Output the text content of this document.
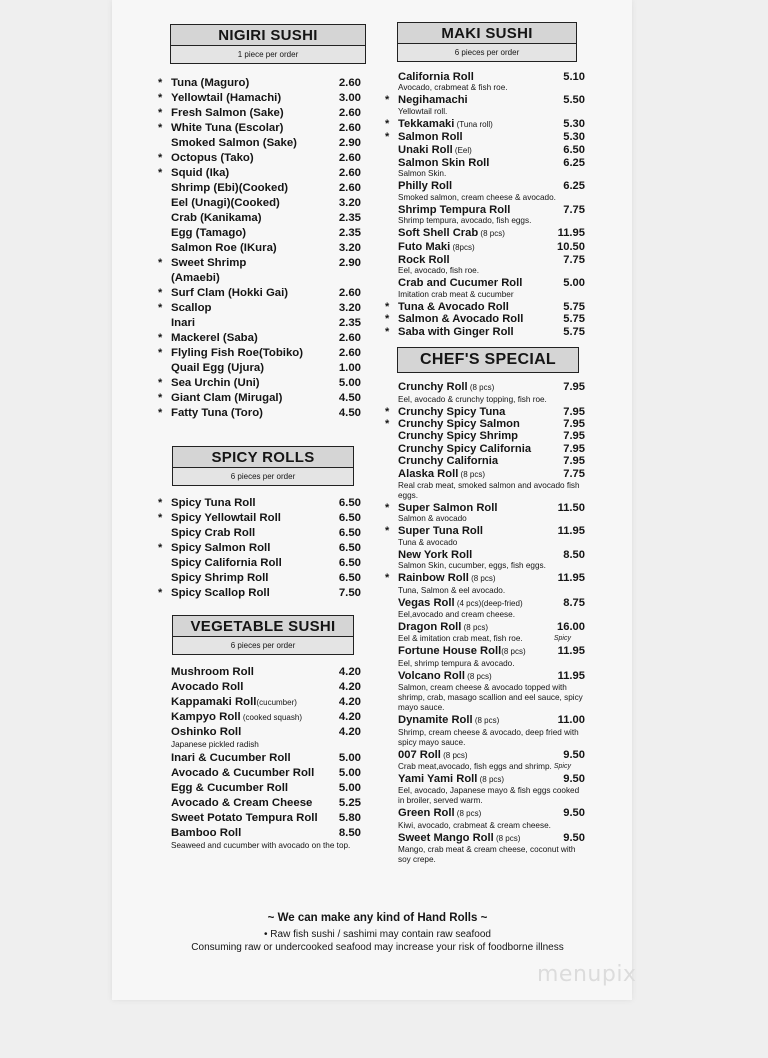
NIGIRI SUSHI
1 piece per order
* Tuna (Maguro)	2.60
* Yellowtail (Hamachi)	3.00
* Fresh Salmon (Sake)	2.60
* White Tuna (Escolar)	2.60
Smoked Salmon (Sake)	2.90
* Octopus (Tako)	2.60
* Squid (Ika)	2.60
Shrimp (Ebi)(Cooked)	2.60
Eel (Unagi)(Cooked)	3.20
Crab (Kanikama)	2.35
Egg (Tamago)	2.35
Salmon Roe (IKura)	3.20
* Sweet Shrimp	2.90
(Amaebi)
* Surf Clam (Hokki Gai)	2.60
* Scallop	3.20
Inari	2.35
* Mackerel (Saba)	2.60
* Flyling Fish Roe(Tobiko)	2.60
Quail Egg (Ujura)	1.00
* Sea Urchin (Uni)	5.00
* Giant Clam (Mirugal)	4.50
* Fatty Tuna (Toro)	4.50
SPICY ROLLS
6 pieces per order
* Spicy Tuna Roll	6.50
* Spicy Yellowtail Roll	6.50
Spicy Crab Roll	6.50
* Spicy Salmon Roll	6.50
Spicy California Roll	6.50
Spicy Shrimp Roll	6.50
* Spicy Scallop Roll	7.50
VEGETABLE SUSHI
6 pieces per order
Mushroom Roll	4.20
Avocado Roll	4.20
Kappamaki Roll(cucumber)	4.20
Kampyo Roll (cooked squash)	4.20
Oshinko Roll	4.20
Japanese pickled radish
Inari & Cucumber Roll	5.00
Avocado & Cucumber Roll 5.00
Egg & Cucumber Roll	5.00
Avocado & Cream Cheese 5.25
Sweet Potato Tempura Roll 5.80
Bamboo Roll	8.50
Seaweed and cucumber with avocado on the top.
MAKI SUSHI
6 pieces per order
California Roll	5.10
Avocado, crabmeat & fish roe.
* Negihamachi	5.50
Yellowtail roll.
* Tekkamaki (Tuna roll)	5.30
* Salmon Roll	5.30
Unaki Roll (Eel)	6.50
Salmon Skin Roll	6.25
Salmon Skin.
Philly Roll	6.25
Smoked salmon, cream cheese & avocado.
Shrimp Tempura Roll	7.75
Shrimp tempura, avocado, fish eggs.
Soft Shell Crab (8 pcs)	11.95
Futo Maki (8pcs)	10.50
Rock Roll	7.75
Eel, avocado, fish roe.
Crab and Cucumer Roll	5.00
Imitation crab meat & cucumber
* Tuna & Avocado Roll	5.75
* Salmon & Avocado Roll	5.75
* Saba with Ginger Roll	5.75
CHEF'S SPECIAL
Crunchy Roll (8 pcs)	7.95
Eel, avocado & crunchy topping, fish roe.
* Crunchy Spicy Tuna	7.95
* Crunchy Spicy Salmon	7.95
Crunchy Spicy Shrimp	7.95
Crunchy Spicy California	7.95
Crunchy California	7.95
Alaska Roll (8 pcs)	7.75
Real crab meat, smoked salmon and avocado fish eggs.
* Super Salmon Roll	11.50
Salmon & avocado
* Super Tuna Roll	11.95
Tuna & avocado
New York Roll	8.50
Salmon Skin, cucumber, eggs, fish eggs.
* Rainbow Roll (8 pcs)	11.95
Tuna, Salmon & eel avocado.
Vegas Roll (4 pcs)(deep-fried)	8.75
Eel,avocado and cream cheese.
Dragon Roll (8 pcs)	16.00
Eel & imitation crab meat, fish roe.	Spicy
Fortune House Roll(8 pcs)	11.95
Eel, shrimp tempura & avocado.
Volcano Roll (8 pcs)	11.95
Salmon, cream cheese & avocado topped with shrimp, crab, masago scallion and eel sauce, spicy mayo sauce.
Dynamite Roll (8 pcs)	11.00
Shrimp, cream cheese & avocado, deep fried with spicy mayo sauce.
007 Roll (8 pcs)	9.50
Crab meat,avocado, fish eggs and shrimp. Spicy
Yami Yami Roll (8 pcs)	9.50
Eel, avocado, Japanese mayo & fish eggs cooked in broiler, served warm.
Green Roll (8 pcs)	9.50
Kiwi, avocado, crabmeat & cream cheese.
Sweet Mango Roll (8 pcs)	9.50
Mango, crab meat & cream cheese, coconut with soy crepe.
~ We can make any kind of Hand Rolls ~
• Raw fish sushi / sashimi may contain raw seafood
Consuming raw or undercooked seafood may increase your risk of foodborne illness
menupix
